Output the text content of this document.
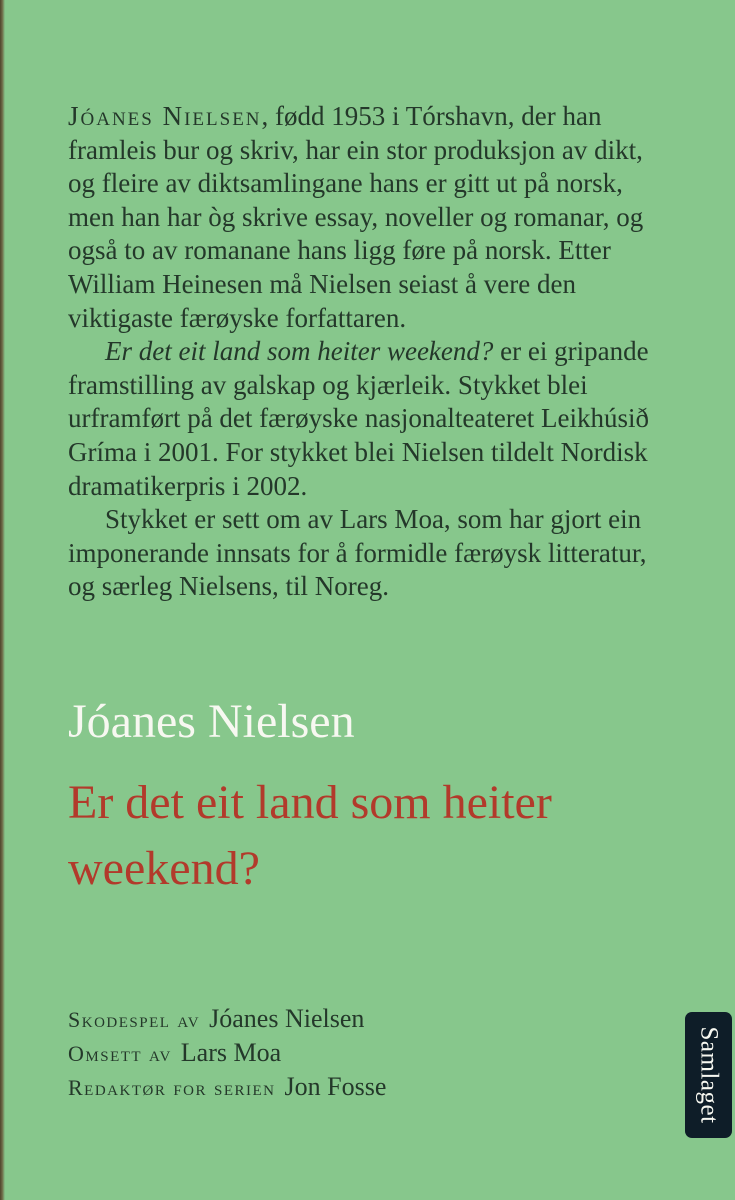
Jóanes Nielsen, fødd 1953 i Tórshavn, der han framleis bur og skriv, har ein stor produksjon av dikt, og fleire av diktsamlingane hans er gitt ut på norsk, men han har òg skrive essay, noveller og romanar, og også to av romanane hans ligg føre på norsk. Etter William Heinesen må Nielsen seiast å vere den viktigaste færøyske forfattaren.

Er det eit land som heiter weekend? er ei gripande framstilling av galskap og kjærleik. Stykket blei urframført på det færøyske nasjonalteateret Leikhúsið Gríma i 2001. For stykket blei Nielsen tildelt Nordisk dramatikerpris i 2002.

Stykket er sett om av Lars Moa, som har gjort ein imponerande innsats for å formidle færøysk litteratur, og særleg Nielsens, til Noreg.

Jóanes Nielsen
Er det eit land som heiter weekend?
Skodespel av Jóanes Nielsen
Omsett av Lars Moa
Redaktør for serien Jon Fosse	Samlaget
